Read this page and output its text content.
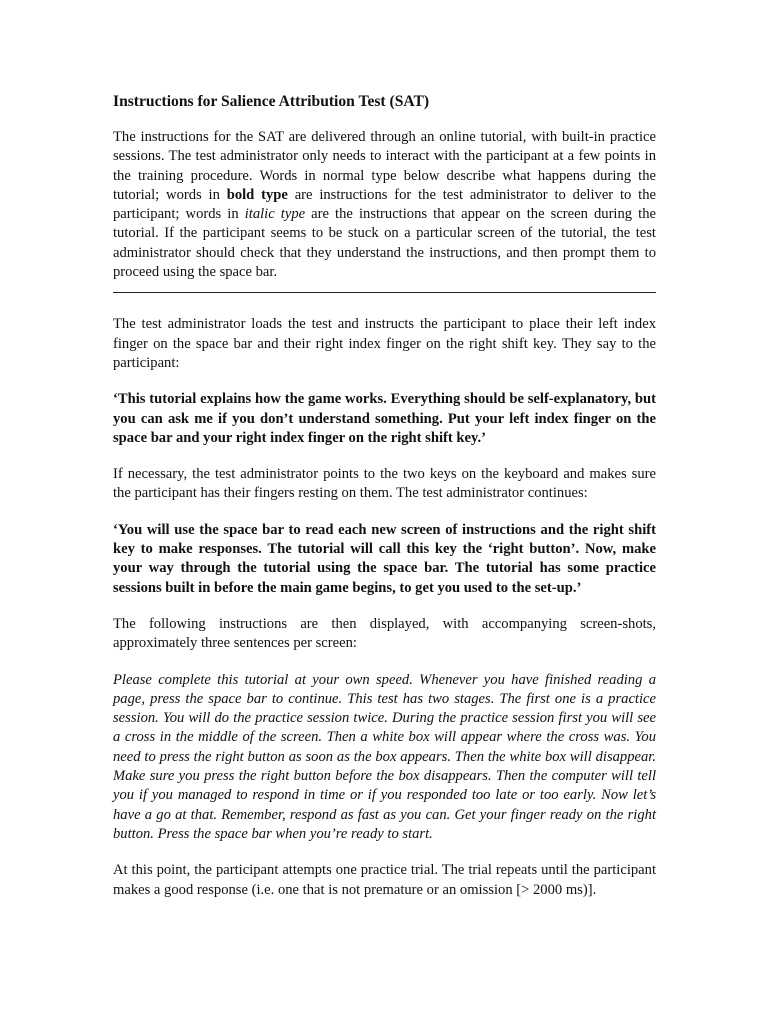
Instructions for Salience Attribution Test (SAT)

The instructions for the SAT are delivered through an online tutorial, with built-in practice sessions. The test administrator only needs to interact with the participant at a few points in the training procedure. Words in normal type below describe what happens during the tutorial; words in bold type are instructions for the test administrator to deliver to the participant; words in italic type are the instructions that appear on the screen during the tutorial. If the participant seems to be stuck on a particular screen of the tutorial, the test administrator should check that they understand the instructions, and then prompt them to proceed using the space bar.

The test administrator loads the test and instructs the participant to place their left index finger on the space bar and their right index finger on the right shift key. They say to the participant:

‘This tutorial explains how the game works. Everything should be self-explanatory, but you can ask me if you don’t understand something. Put your left index finger on the space bar and your right index finger on the right shift key.’

If necessary, the test administrator points to the two keys on the keyboard and makes sure the participant has their fingers resting on them. The test administrator continues:

‘You will use the space bar to read each new screen of instructions and the right shift key to make responses. The tutorial will call this key the ‘right button’. Now, make your way through the tutorial using the space bar. The tutorial has some practice sessions built in before the main game begins, to get you used to the set-up.’

The following instructions are then displayed, with accompanying screen-shots, approximately three sentences per screen:

Please complete this tutorial at your own speed. Whenever you have finished reading a page, press the space bar to continue. This test has two stages. The first one is a practice session. You will do the practice session twice. During the practice session first you will see a cross in the middle of the screen. Then a white box will appear where the cross was. You need to press the right button as soon as the box appears. Then the white box will disappear. Make sure you press the right button before the box disappears. Then the computer will tell you if you managed to respond in time or if you responded too late or too early. Now let’s have a go at that. Remember, respond as fast as you can. Get your finger ready on the right button. Press the space bar when you’re ready to start.

At this point, the participant attempts one practice trial. The trial repeats until the participant makes a good response (i.e. one that is not premature or an omission [> 2000 ms)].
